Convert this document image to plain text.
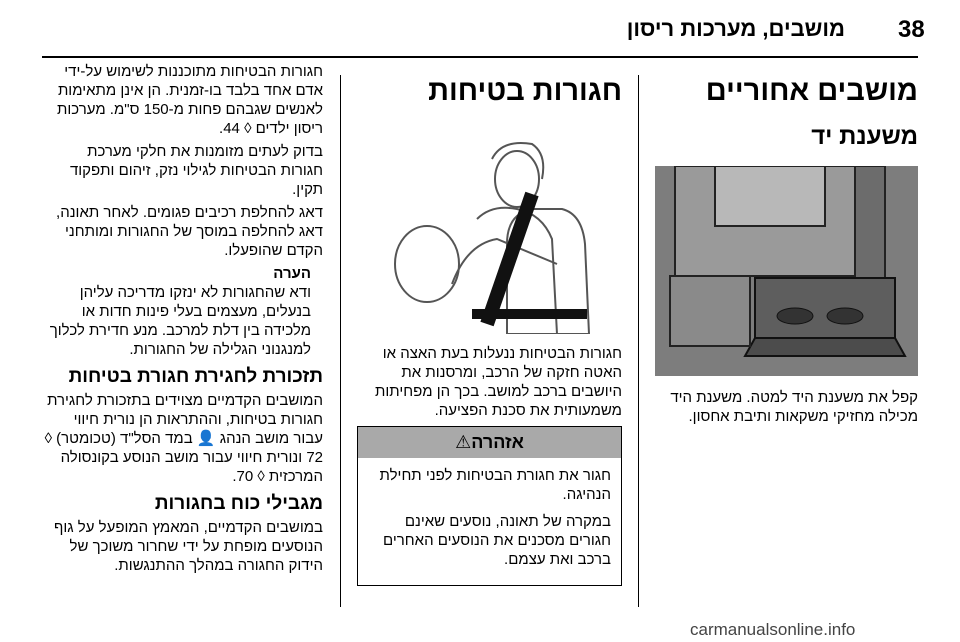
38
מושבים, מערכות ריסון
מושבים אחוריים
משענת יד

קפל את משענת היד למטה. משענת היד מכילה מחזיקי משקאות ותיבת אחסון.

חגורות בטיחות

חגורות הבטיחות ננעלות בעת האצה או האטה חזקה של הרכב, ומרסנות את היושבים ברכב למושב. בכך הן מפחיתות משמעותית את סכנת הפציעה.

אזהרה⚠

חגור את חגורת הבטיחות לפני תחילת הנהיגה.

במקרה של תאונה, נוסעים שאינם חגורים מסכנים את הנוסעים האחרים ברכב ואת עצמם.

חגורות הבטיחות מתוכננות לשימוש על-ידי אדם אחד בלבד בו-זמנית. הן אינן מתאימות לאנשים שגבהם פחות מ-150 ס"מ. מערכות ריסון ילדים ◊ 44.

בדוק לעתים מזומנות את חלקי מערכת חגורות הבטיחות לגילוי נזק, זיהום ותפקוד תקין.

דאג להחלפת רכיבים פגומים. לאחר תאונה, דאג להחלפה במוסך של החגורות ומותחני הקדם שהופעלו.

הערה

ודא שהחגורות לא ינזקו מדריכה עליהן בנעלים, מעצמים בעלי פינות חדות או מלכידה בין דלת למרכב. מנע חדירת לכלוך למנגנוני הגלילה של החגורות.

תזכורת לחגירת חגורת בטיחות

המושבים הקדמיים מצוידים בתזכורת לחגירת חגורות בטיחות, וההתראות הן נורית חיווי עבור מושב הנהג 👤 במד הסל"ד (טכומטר) ◊ 72 ונורית חיווי עבור מושב הנוסע בקונסולה המרכזית ◊ 70.

מגבילי כוח בחגורות

במושבים הקדמיים, המאמץ המופעל על גוף הנוסעים מופחת על ידי שחרור משוכך של הידוק החגורה במהלך ההתנגשות.

carmanualsonline.info
